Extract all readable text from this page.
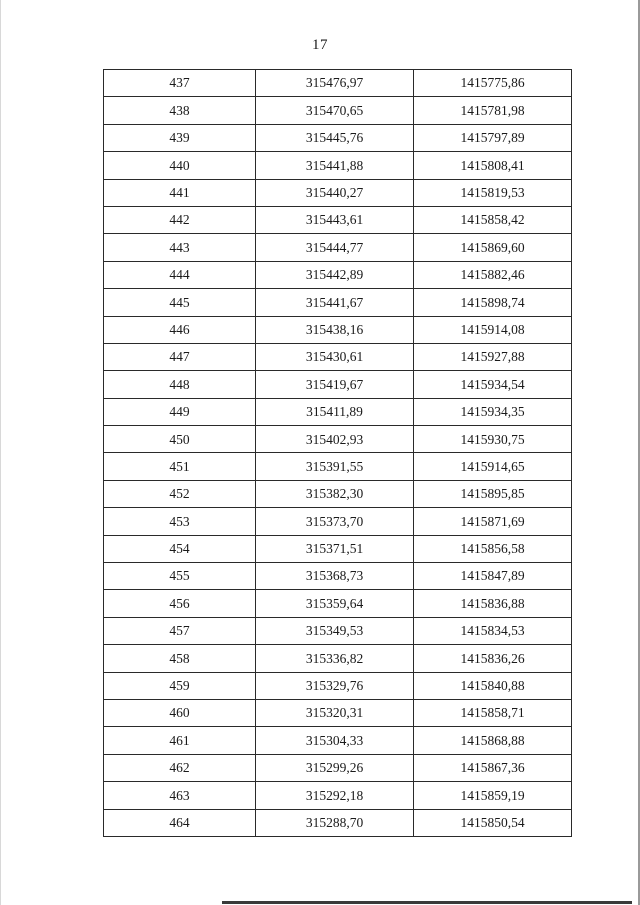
17
437	315476,97	1415775,86
438	315470,65	1415781,98
439	315445,76	1415797,89
440	315441,88	1415808,41
441	315440,27	1415819,53
442	315443,61	1415858,42
443	315444,77	1415869,60
444	315442,89	1415882,46
445	315441,67	1415898,74
446	315438,16	1415914,08
447	315430,61	1415927,88
448	315419,67	1415934,54
449	315411,89	1415934,35
450	315402,93	1415930,75
451	315391,55	1415914,65
452	315382,30	1415895,85
453	315373,70	1415871,69
454	315371,51	1415856,58
455	315368,73	1415847,89
456	315359,64	1415836,88
457	315349,53	1415834,53
458	315336,82	1415836,26
459	315329,76	1415840,88
460	315320,31	1415858,71
461	315304,33	1415868,88
462	315299,26	1415867,36
463	315292,18	1415859,19
464	315288,70	1415850,54
